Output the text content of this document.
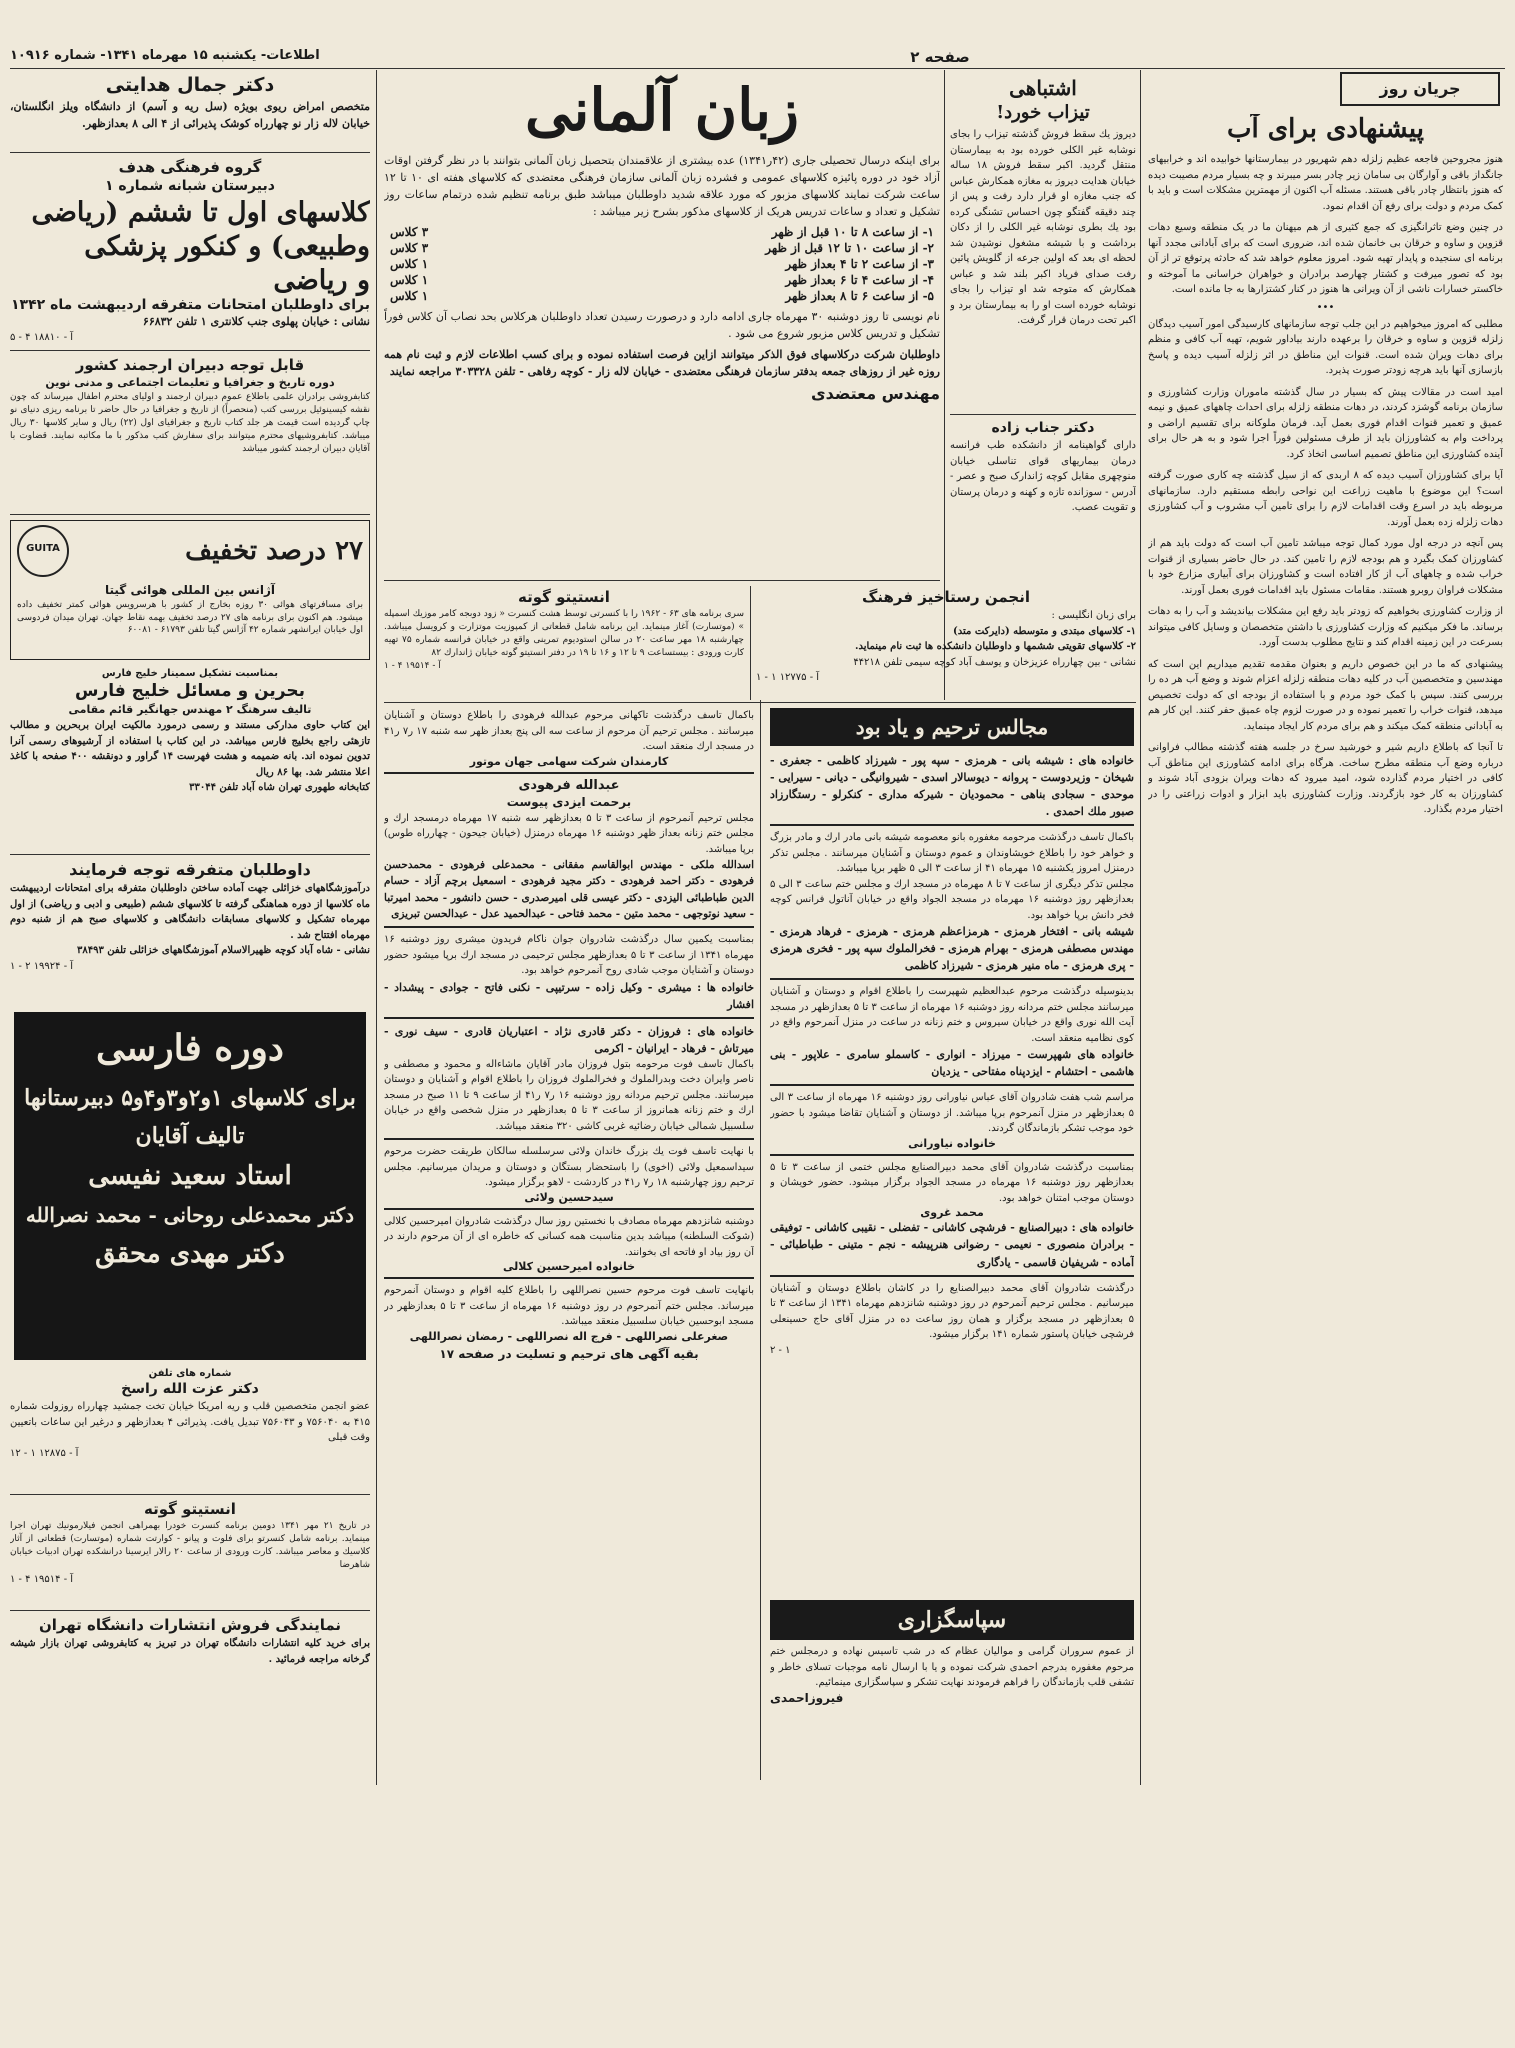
اطلاعات- یکشنبه ۱۵ مهرماه ۱۳۴۱- شماره ۱۰۹۱۶	صفحه ۲
جریان روز
پیشنهادی برای آب

هنوز مجروحین فاجعه عظیم زلزله دهم شهریور در بیمارستانها خوابیده اند و خرابیهای جانگداز باقی و آوارگان بی سامان زیر چادر بسر میبرند و چه بسیار مردم مصیبت دیده که هنوز بانتظار چادر باقی هستند. مسئله آب اکنون از مهمترین مشکلات است و باید با کمک مردم و دولت برای رفع آن اقدام نمود.

در چنین وضع تاثرانگیزی که جمع کثیری از هم میهنان ما در یک منطقه وسیع دهات قزوین و ساوه و خرقان بی خانمان شده اند، ضروری است که برای آبادانی مجدد آنها برنامه ای سنجیده و پایدار تهیه شود. امروز معلوم خواهد شد که حادثه پرتوقع تر از آن بود که تصور میرفت و کشتار چهارصد برادران و خواهران خراسانی ما آموخته و خاکستر خسارات ناشی از آن ویرانی ها هنوز در کنار کشتزارها به جا مانده است.

•••

مطلبی که امروز میخواهیم در این جلب توجه سازمانهای کارسیدگی امور آسیب دیدگان زلزله قزوین و ساوه و خرقان را برعهده دارند بیاداور شویم، تهیه آب کافی و منظم برای دهات ویران شده است. قنوات این مناطق در اثر زلزله آسیب دیده و پاسخ بازسازی آنها باید هرچه زودتر صورت پذیرد.

امید است در مقالات پیش که بسیار در سال گذشته ماموران وزارت کشاورزی و سازمان برنامه گوشزد کردند، در دهات منطقه زلزله برای احداث چاههای عمیق و نیمه عمیق و تعمیر قنوات اقدام فوری بعمل آید. فرمان ملوکانه برای تقسیم اراضی و پرداخت وام به کشاورزان باید از طرف مسئولین فوراً اجرا شود و به هر حال برای آینده کشاورزی این مناطق تصمیم اساسی اتخاذ کرد.

آیا برای کشاورزان آسیب دیده که ۸ اربدی که از سیل گذشته چه کاری صورت گرفته است؟ این موضوع با ماهیت زراعت این نواحی رابطه مستقیم دارد. سازمانهای مربوطه باید در اسرع وقت اقدامات لازم را برای تامین آب مشروب و آب کشاورزی دهات زلزله زده بعمل آورند.

پس آنچه در درجه اول مورد کمال توجه میباشد تامین آب است که دولت باید هم از کشاورزان کمک بگیرد و هم بودجه لازم را تامین کند. در حال حاضر بسیاری از قنوات خراب شده و چاههای آب از کار افتاده است و کشاورزان برای آبیاری مزارع خود با مشکلات فراوان روبرو هستند. مقامات مسئول باید اقدامات فوری بعمل آورند.

از وزارت کشاورزی بخواهیم که زودتر باید رفع این مشکلات بیاندیشد و آب را به دهات برساند. ما فکر میکنیم که وزارت کشاورزی با داشتن متخصصان و وسایل کافی میتواند بسرعت در این زمینه اقدام کند و نتایج مطلوب بدست آورد.

پیشنهادی که ما در این خصوص داریم و بعنوان مقدمه تقدیم میداریم این است که مهندسین و متخصصین آب در کلیه دهات منطقه زلزله اعزام شوند و وضع آب هر ده را بررسی کنند. سپس با کمک خود مردم و با استفاده از بودجه ای که دولت تخصیص میدهد، قنوات خراب را تعمیر نموده و در صورت لزوم چاه عمیق حفر کنند. این کار هم به آبادانی منطقه کمک میکند و هم برای مردم کار ایجاد مینماید.

تا آنجا که باطلاع داریم شیر و خورشید سرخ در جلسه هفته گذشته مطالب فراوانی درباره وضع آب منطقه مطرح ساخت. هرگاه برای ادامه کشاورزی این مناطق آب کافی در اختیار مردم گذارده شود، امید میرود که دهات ویران بزودی آباد شوند و کشاورزان به کار خود بازگردند. وزارت کشاورزی باید ابزار و ادوات زراعتی را در اختیار مردم بگذارد.

اشتباهی
تیزاب خورد!

دیروز یك سقط فروش گذشته تیزاب را بجای نوشابه غیر الکلی خورده بود به بیمارستان منتقل گردید. اکبر سقط فروش ۱۸ ساله خیابان هدایت دیروز به مغازه همکارش عباس که جنب مغازه او قرار دارد رفت و پس از چند دقیقه گفتگو چون احساس تشنگی کرده بود یك بطری نوشابه غیر الکلی را از دکان برداشت و با شیشه مشغول نوشیدن شد لحظه ای بعد که اولین جرعه از گلویش پائین رفت صدای فریاد اکبر بلند شد و عباس همکارش که متوجه شد او تیزاب را بجای نوشابه خورده است او را به بیمارستان برد و اکبر تحت درمان قرار گرفت.

دکتر جناب زاده

دارای گواهینامه از دانشکده طب فرانسه درمان بیماریهای قوای تناسلی خیابان منوچهری مقابل کوچه ژاندارک صبح و عصر - آدرس - سوزانده تازه و کهنه و درمان پرستان و تقویت عصب.

زبان آلمانی

برای اینکه درسال تحصیلی جاری (۴۲ر۱۳۴۱) عده بیشتری از علاقمندان بتحصیل زبان آلمانی بتوانند با در نظر گرفتن اوقات آزاد خود در دوره پائیزه کلاسهای عمومی و فشرده زبان آلمانی سازمان فرهنگی معتضدی که کلاسهای هفته ای ۱۰ تا ۱۲ ساعت شرکت نمایند کلاسهای مزبور که مورد علاقه شدید داوطلبان میباشد طبق برنامه تنظیم شده درتمام ساعات روز تشکیل و تعداد و ساعات تدریس هریک از کلاسهای مذکور بشرح زیر میباشد :

۱- از ساعت ۸ تا ۱۰ قبل از ظهر	۳ کلاس
۲- از ساعت ۱۰ تا ۱۲ قبل از ظهر	۳ کلاس
۳- از ساعت ۲ تا ۴ بعداز ظهر	۱ کلاس
۴- از ساعت ۴ تا ۶ بعداز ظهر	۱ کلاس
۵- از ساعت ۶ تا ۸ بعداز ظهر	۱ کلاس

نام نویسی تا روز دوشنبه ۳۰ مهرماه جاری ادامه دارد و درصورت رسیدن تعداد داوطلبان هرکلاس بحد نصاب آن کلاس فوراً تشکیل و تدریس کلاس مزبور شروع می شود .

داوطلبان شرکت درکلاسهای فوق الذکر میتوانند ازاین فرصت استفاده نموده و برای کسب اطلاعات لازم و ثبت نام همه روزه غیر از روزهای جمعه بدفتر سازمان فرهنگی معتضدی - خیابان لاله زار - کوچه رفاهی - تلفن ۳۰۳۳۲۸ مراجعه نمایند

مهندس معتضدی
انستیتو گوته

سری برنامه های ۶۳ - ۱۹۶۲ را با کنسرتی توسط هشت کنسرت « زود دوبجه کامر موزیك اسمپله » (موتسارت) آغاز مینماید. این برنامه شامل قطعاتی از کمپوزیت موتزارت و کرویسل میباشد. چهارشنبه ۱۸ مهر ساعت ۲۰ در سالن استودیوم تمرینی واقع در خیابان فرانسه شماره ۷۵ تهیه کارت ورودی : بیستساعت ۹ تا ۱۲ و ۱۶ تا ۱۹ در دفتر انستیتو گوته خیابان ژاندارك ۸۲

آ - ۱۹۵۱۴ ۴ - ۱
انجمن رستاخیز فرهنگ

برای زبان انگلیسی :

۱- کلاسهای مبتدی و متوسطه (دایرکت متد)

۲- کلاسهای تقویتی ششمها و داوطلبان دانشکده ها ثبت نام مینماید.

نشانی - بین چهارراه عزیزخان و یوسف آباد کوچه سیمی تلفن ۴۴۲۱۸

آ - ۱۲۷۷۵ ۱ - ۱
دکتر جمال هدایتی

متخصص امراض ریوی بویژه (سل ریه و آسم) از دانشگاه ویلز انگلستان، خیابان لاله زار نو چهارراه کوشک پذیرائی از ۴ الی ۸ بعدازظهر.

گروه فرهنگی هدف
دبیرستان شبانه شماره ۱
کلاسهای اول تا ششم (ریاضی
وطبیعی) و کنکور پزشکی
و ریاضی
برای داوطلبان امتحانات متفرقه اردیبهشت ماه ۱۳۴۲
نشانی : خیابان پهلوی جنب کلانتری ۱ تلفن ۶۶۸۳۲
آ - ۱۸۸۱۰ ۴ - ۵
قابل توجه دبیران ارجمند کشور
دوره تاریخ و جغرافیا و تعلیمات اجتماعی و مدنی نوین

کتابفروشی برادران علمی باطلاع عموم دبیران ارجمند و اولیای محترم اطفال میرساند که چون نقشه کیسینوئیل بررسی کتب (منحصراً) از تاریخ و جغرافیا در حال حاضر تا برنامه ریزی دنیای نو چاپ گردیده است قیمت هر جلد کتاب تاریخ و جغرافیای اول (۲۲) ریال و سایر کلاسها ۳۰ ریال میباشد. کتابفروشیهای محترم میتوانند برای سفارش کتب مذکور با ما مکاتبه نمایند. قضاوت با آقایان دبیران ارجمند کشور میباشد

۲۷ درصد تخفیف
GUITA
آژانس بین المللی هوائی گیتا

برای مسافرتهای هوائی ۳۰ روزه بخارج از کشور با هرسرویس هوائی کمتر تخفیف داده میشود. هم اکنون برای برنامه های ۲۷ درصد تخفیف بهمه نقاط جهان. تهران میدان فردوسی اول خیابان ایرانشهر شماره ۴۲ آژانس گیتا تلفن ۶۱۷۹۳ - ۶۰۰۸۱

بمناسبت تشکیل سمینار خلیج فارس
بحرین و مسائل خلیج فارس
تالیف سرهنگ ۲ مهندس جهانگیر قائم مقامی

این کتاب حاوی مدارکی مستند و رسمی درمورد مالکیت ایران بربحرین و مطالب تازهئی راجع بخلیج فارس میباشد. در این کتاب با استفاده از آرشیوهای رسمی آنرا تدوین نموده اند. بانه ضمیمه و هشت فهرست ۱۴ گراور و دونقشه ۴۰۰ صفحه با کاغذ اعلا منتشر شد. بها ۸۶ ریال

کتابخانه طهوری تهران شاه آباد تلفن ۳۳۰۴۴
داوطلبان متفرقه توجه فرمایند

درآموزشگاههای خزائلی جهت آماده ساختن داوطلبان متفرقه برای امتحانات اردیبهشت ماه کلاسها از دوره هماهنگی گرفته تا کلاسهای ششم (طبیعی و ادبی و ریاضی) از اول مهرماه تشکیل و کلاسهای مسابقات دانشگاهی و کلاسهای صبح هم از شنبه دوم مهرماه افتتاح شد .

نشانی - شاه آباد کوچه ظهیرالاسلام آموزشگاههای خزائلی تلفن ۳۸۴۹۳
آ - ۱۹۹۲۴ ۲ - ۱
دوره فارسی
برای کلاسهای ۱و۲و۳و۴و۵ دبیرستانها
تالیف آقایان
استاد سعید نفیسی
دکتر محمدعلی روحانی - محمد نصرالله
دکتر مهدی محقق
شماره های تلفن
دکتر عزت الله راسخ

عضو انجمن متخصصین قلب و ریه امریکا خیابان تخت جمشید چهارراه روزولت شماره ۴۱۵ به ۷۵۶۰۴۰ و ۷۵۶۰۴۳ تبدیل یافت. پذیرائی ۴ بعدازظهر و درغیر این ساعات باتعیین وقت قبلی

آ - ۱۲۸۷۵ ۱ - ۱۲
انستیتو گوته

در تاریخ ۲۱ مهر ۱۳۴۱ دومین برنامه کنسرت خودرا بهمراهی انجمن فیلارمونیك تهران اجرا مینماید. برنامه شامل کنسرتو برای فلوت و پیانو - کوارتت شماره (موتسارت) قطعاتی از آثار کلاسیك و معاصر میباشد. کارت ورودی از ساعت ۲۰ رالار ایرسینا درانشکده تهران ادبیات خیابان شاهرضا

آ - ۱۹۵۱۴ ۴ - ۱
نمایندگی فروش انتشارات دانشگاه تهران

برای خرید کلیه انتشارات دانشگاه تهران در تبریز به کتابفروشی تهران بازار شیشه گرخانه مراجعه فرمائید .

مجالس ترحیم و یاد بود

خانواده های : شیشه بانی - هرمزی - سپه پور - شیرزاد کاظمی - جعفری - شیخان - وزیردوست - پروانه - دیوسالار اسدی - شیروانیگی - دیانی - سیرایی - موحدی - سجادی بناهی - محمودیان - شیرکه مداری - کنکرلو - رستگارزاد صبور ملك احمدی .

باکمال تاسف درگذشت مرحومه مغفوره بانو معصومه شیشه بانی مادر ارك و مادر بزرگ و خواهر خود را باطلاع خویشاوندان و عموم دوستان و آشنایان میرسانند . مجلس تذکر درمنزل امروز یکشنبه ۱۵ مهرماه ۴۱ از ساعت ۳ الی ۵ ظهر برپا میباشد.

مجلس تذکر دیگری از ساعت ۷ تا ۸ مهرماه در مسجد ارك و مجلس ختم ساعت ۳ الی ۵ بعدازظهر روز دوشنبه ۱۶ مهرماه در مسجد الجواد واقع در خیابان آناتول فرانس کوچه فخر دانش برپا خواهد بود.

شیشه بانی - افتخار هرمزی - هرمزاعظم هرمزی - هرمزی - فرهاد هرمزی - مهندس مصطفی هرمزی - بهرام هرمزی - فخرالملوك سپه پور - فخری هرمزی - پری هرمزی - ماه منیر هرمزی - شیرزاد کاظمی

بدینوسیله درگذشت مرحوم عبدالعظیم شهپرست را باطلاع اقوام و دوستان و آشنایان میرسانند مجلس ختم مردانه روز دوشنبه ۱۶ مهرماه از ساعت ۳ تا ۵ بعدازظهر در مسجد آیت الله نوری واقع در خیابان سیروس و ختم زنانه در ساعت در منزل آنمرحوم واقع در کوی نظامیه منعقد است.

خانواده های شهپرست - میرزاد - انواری - کاسملو سامری - علاپور - بنی هاشمی - احتشام - ایزدپناه مفتاحی - یزدیان

مراسم شب هفت شادروان آقای عباس نیاورانی روز دوشنبه ۱۶ مهرماه از ساعت ۳ الی ۵ بعدازظهر در منزل آنمرحوم برپا میباشد. از دوستان و آشنایان تقاضا میشود با حضور خود موجب تشکر بازماندگان گردند.

خانواده نیاورانی

بمناسبت درگذشت شادروان آقای محمد دبیرالصنایع مجلس ختمی از ساعت ۳ تا ۵ بعدازظهر روز دوشنبه ۱۶ مهرماه در مسجد الجواد برگزار میشود. حضور خویشان و دوستان موجب امتنان خواهد بود.

محمد غروی

خانواده های : دبیرالصنایع - فرشچی کاشانی - تفضلی - نقیبی کاشانی - توفیقی - برادران منصوری - نعیمی - رضوانی هنرپیشه - نجم - متینی - طباطبائی - آماده - شریفیان قاسمی - یادگاری

درگذشت شادروان آقای محمد دبیرالصنایع را در کاشان باطلاع دوستان و آشنایان میرسانیم . مجلس ترحیم آنمرحوم در روز دوشنبه شانزدهم مهرماه ۱۳۴۱ از ساعت ۳ تا ۵ بعدازظهر در مسجد برگزار و همان روز ساعت ده در منزل آقای حاج حسینعلی فرشچی خیابان پاستور شماره ۱۴۱ برگزار میشود.

۱ - ۲
سپاسگزاری

از عموم سروران گرامی و موالیان عظام که در شب تاسیس نهاده و درمجلس ختم مرحوم مغفوره بدرجم احمدی شرکت نموده و یا با ارسال نامه موجبات تسلای خاطر و تشفی قلب بازماندگان را فراهم فرمودند نهایت تشکر و سپاسگزاری مینمائیم.

فیروزاحمدی

باکمال تاسف درگذشت تاکهانی مرحوم عبدالله فرهودی را باطلاع دوستان و آشنایان میرسانند . مجلس ترحیم آن مرحوم از ساعت سه الی پنج بعداز ظهر سه شنبه ۱۷ ر۷ ر۴۱ در مسجد ارك منعقد است.

کارمندان شرکت سهامی جهان موتور
عبدالله فرهودی
برحمت ایزدی پیوست

مجلس ترحیم آنمرحوم از ساعت ۳ تا ۵ بعدازظهر سه شنبه ۱۷ مهرماه درمسجد ارك و مجلس ختم زنانه بعداز ظهر دوشنبه ۱۶ مهرماه درمنزل (خیابان جیحون - چهارراه طوس) برپا میباشد.

اسدالله ملکی - مهندس ابوالقاسم مفقانی - محمدعلی فرهودی - محمدحسن فرهودی - دکتر احمد فرهودی - دکتر مجید فرهودی - اسمعیل برچم آزاد - حسام الدین طباطبائی الیزدی - دکتر عیسی قلی امیرصدری - حسن دانشور - محمد امیرتبا - سعید نوتوجهی - محمد متین - محمد فتاحی - عبدالحمید عدل - عبدالحسن تبریزی

بمناسبت یکمین سال درگذشت شادروان جوان ناکام فریدون میشری روز دوشنبه ۱۶ مهرماه ۱۳۴۱ از ساعت ۳ تا ۵ بعدازظهر مجلس ترحیمی در مسجد ارك برپا میشود حضور دوستان و آشنایان موجب شادی روح آنمرحوم خواهد بود.

خانواده ها : میشری - وکیل زاده - سرتیپی - نکنی فاتح - جوادی - پیشداد - افشار

خانواده های : فروزان - دکتر قادری نژاد - اعتباریان قادری - سیف نوری - میرتاش - فرهاد - ایرانیان - اکرمی

باکمال تاسف فوت مرحومه بتول فروزان مادر آقایان ماشاءاله و محمود و مصطفی و ناصر وایران دخت وبدرالملوك و فخرالملوك فروزان را باطلاع اقوام و آشنایان و دوستان میرسانند. مجلس ترحیم مردانه روز دوشنبه ۱۶ ر۷ ر۴۱ از ساعت ۹ تا ۱۱ صبح در مسجد ارك و ختم زنانه همانروز از ساعت ۳ تا ۵ بعدازظهر در منزل شخصی واقع در خیابان سلسبیل شمالی خیابان رضائیه غربی کاشی ۳۲۰ منعقد میباشد.

با نهایت تاسف فوت یك بزرگ خاندان ولائی سرسلسله سالکان طریقت حضرت مرحوم سیداسمعیل ولائی (اخوی) را باستحضار بستگان و دوستان و مریدان میرسانیم. مجلس ترحیم روز چهارشنبه ۱۸ ر۷ ر۴۱ در کاردشت - لاهو برگزار میشود.

سیدحسین ولائی

دوشنبه شانزدهم مهرماه مصادف با نخستین روز سال درگذشت شادروان امیرحسین کلالی (شوکت السلطنه) میباشد بدین مناسبت همه کسانی که خاطره ای از آن مرحوم دارند در آن روز بیاد او فاتحه ای بخوانند.

خانواده امیرحسین کلالی

بانهایت تاسف فوت مرحوم حسین نصراللهی را باطلاع کلیه اقوام و دوستان آنمرحوم میرساند. مجلس ختم آنمرحوم در روز دوشنبه ۱۶ مهرماه از ساعت ۳ تا ۵ بعدازظهر در مسجد ابوحسین خیابان سلسبیل منعقد میباشد.

صغرعلی نصراللهی - فرج اله نصراللهی - رمضان نصراللهی
بقیه آگهی های ترحیم و تسلیت در صفحه ۱۷
